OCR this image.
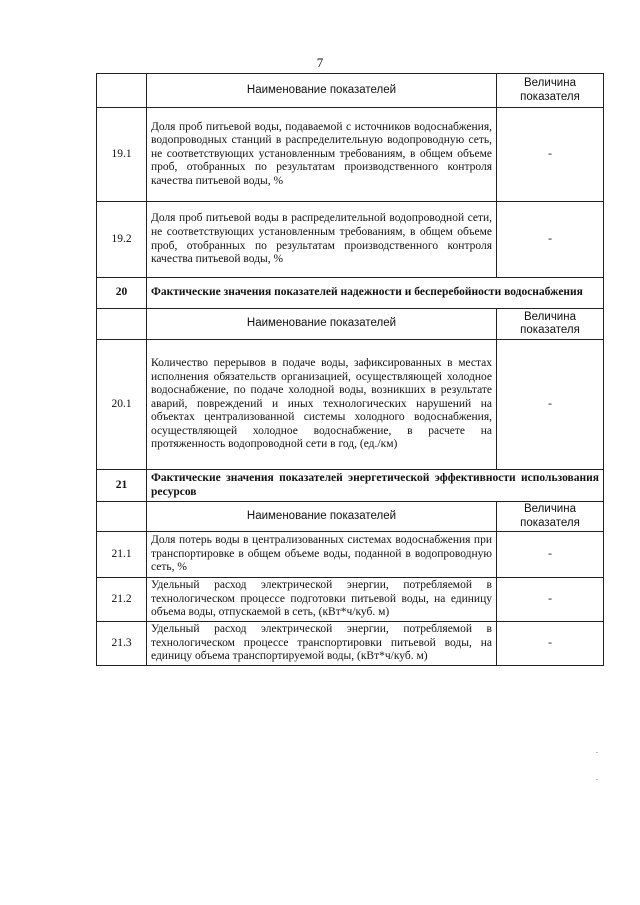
7
	Наименование показателей	Величина показателя
19.1	Доля проб питьевой воды, подаваемой с источников водоснабжения, водопроводных станций в распределительную водопроводную сеть, не соответствующих установленным требованиям, в общем объеме проб, отобранных по результатам производственного контроля качества питьевой воды, %	-
19.2	Доля проб питьевой воды в распределительной водопроводной сети, не соответствующих установленным требованиям, в общем объеме проб, отобранных по результатам производственного контроля качества питьевой воды, %	-
20	Фактические значения показателей надежности и бесперебойности водоснабжения	
	Наименование показателей	Величина показателя
20.1	Количество перерывов в подаче воды, зафиксированных в местах исполнения обязательств организацией, осуществляющей холодное водоснабжение, по подаче холодной воды, возникших в результате аварий, повреждений и иных технологических нарушений на объектах централизованной системы холодного водоснабжения, осуществляющей холодное водоснабжение, в расчете на протяженность водопроводной сети в год, (ед./км)	-
21	Фактические значения показателей энергетической эффективности использования ресурсов	
	Наименование показателей	Величина показателя
21.1	Доля потерь воды в централизованных системах водоснабжения при транспортировке в общем объеме воды, поданной в водопроводную сеть, %	-
21.2	Удельный расход электрической энергии, потребляемой в технологическом процессе подготовки питьевой воды, на единицу объема воды, отпускаемой в сеть, (кВт*ч/куб. м)	-
21.3	Удельный расход электрической энергии, потребляемой в технологическом процессе транспортировки питьевой воды, на единицу объема транспортируемой воды, (кВт*ч/куб. м)	-
